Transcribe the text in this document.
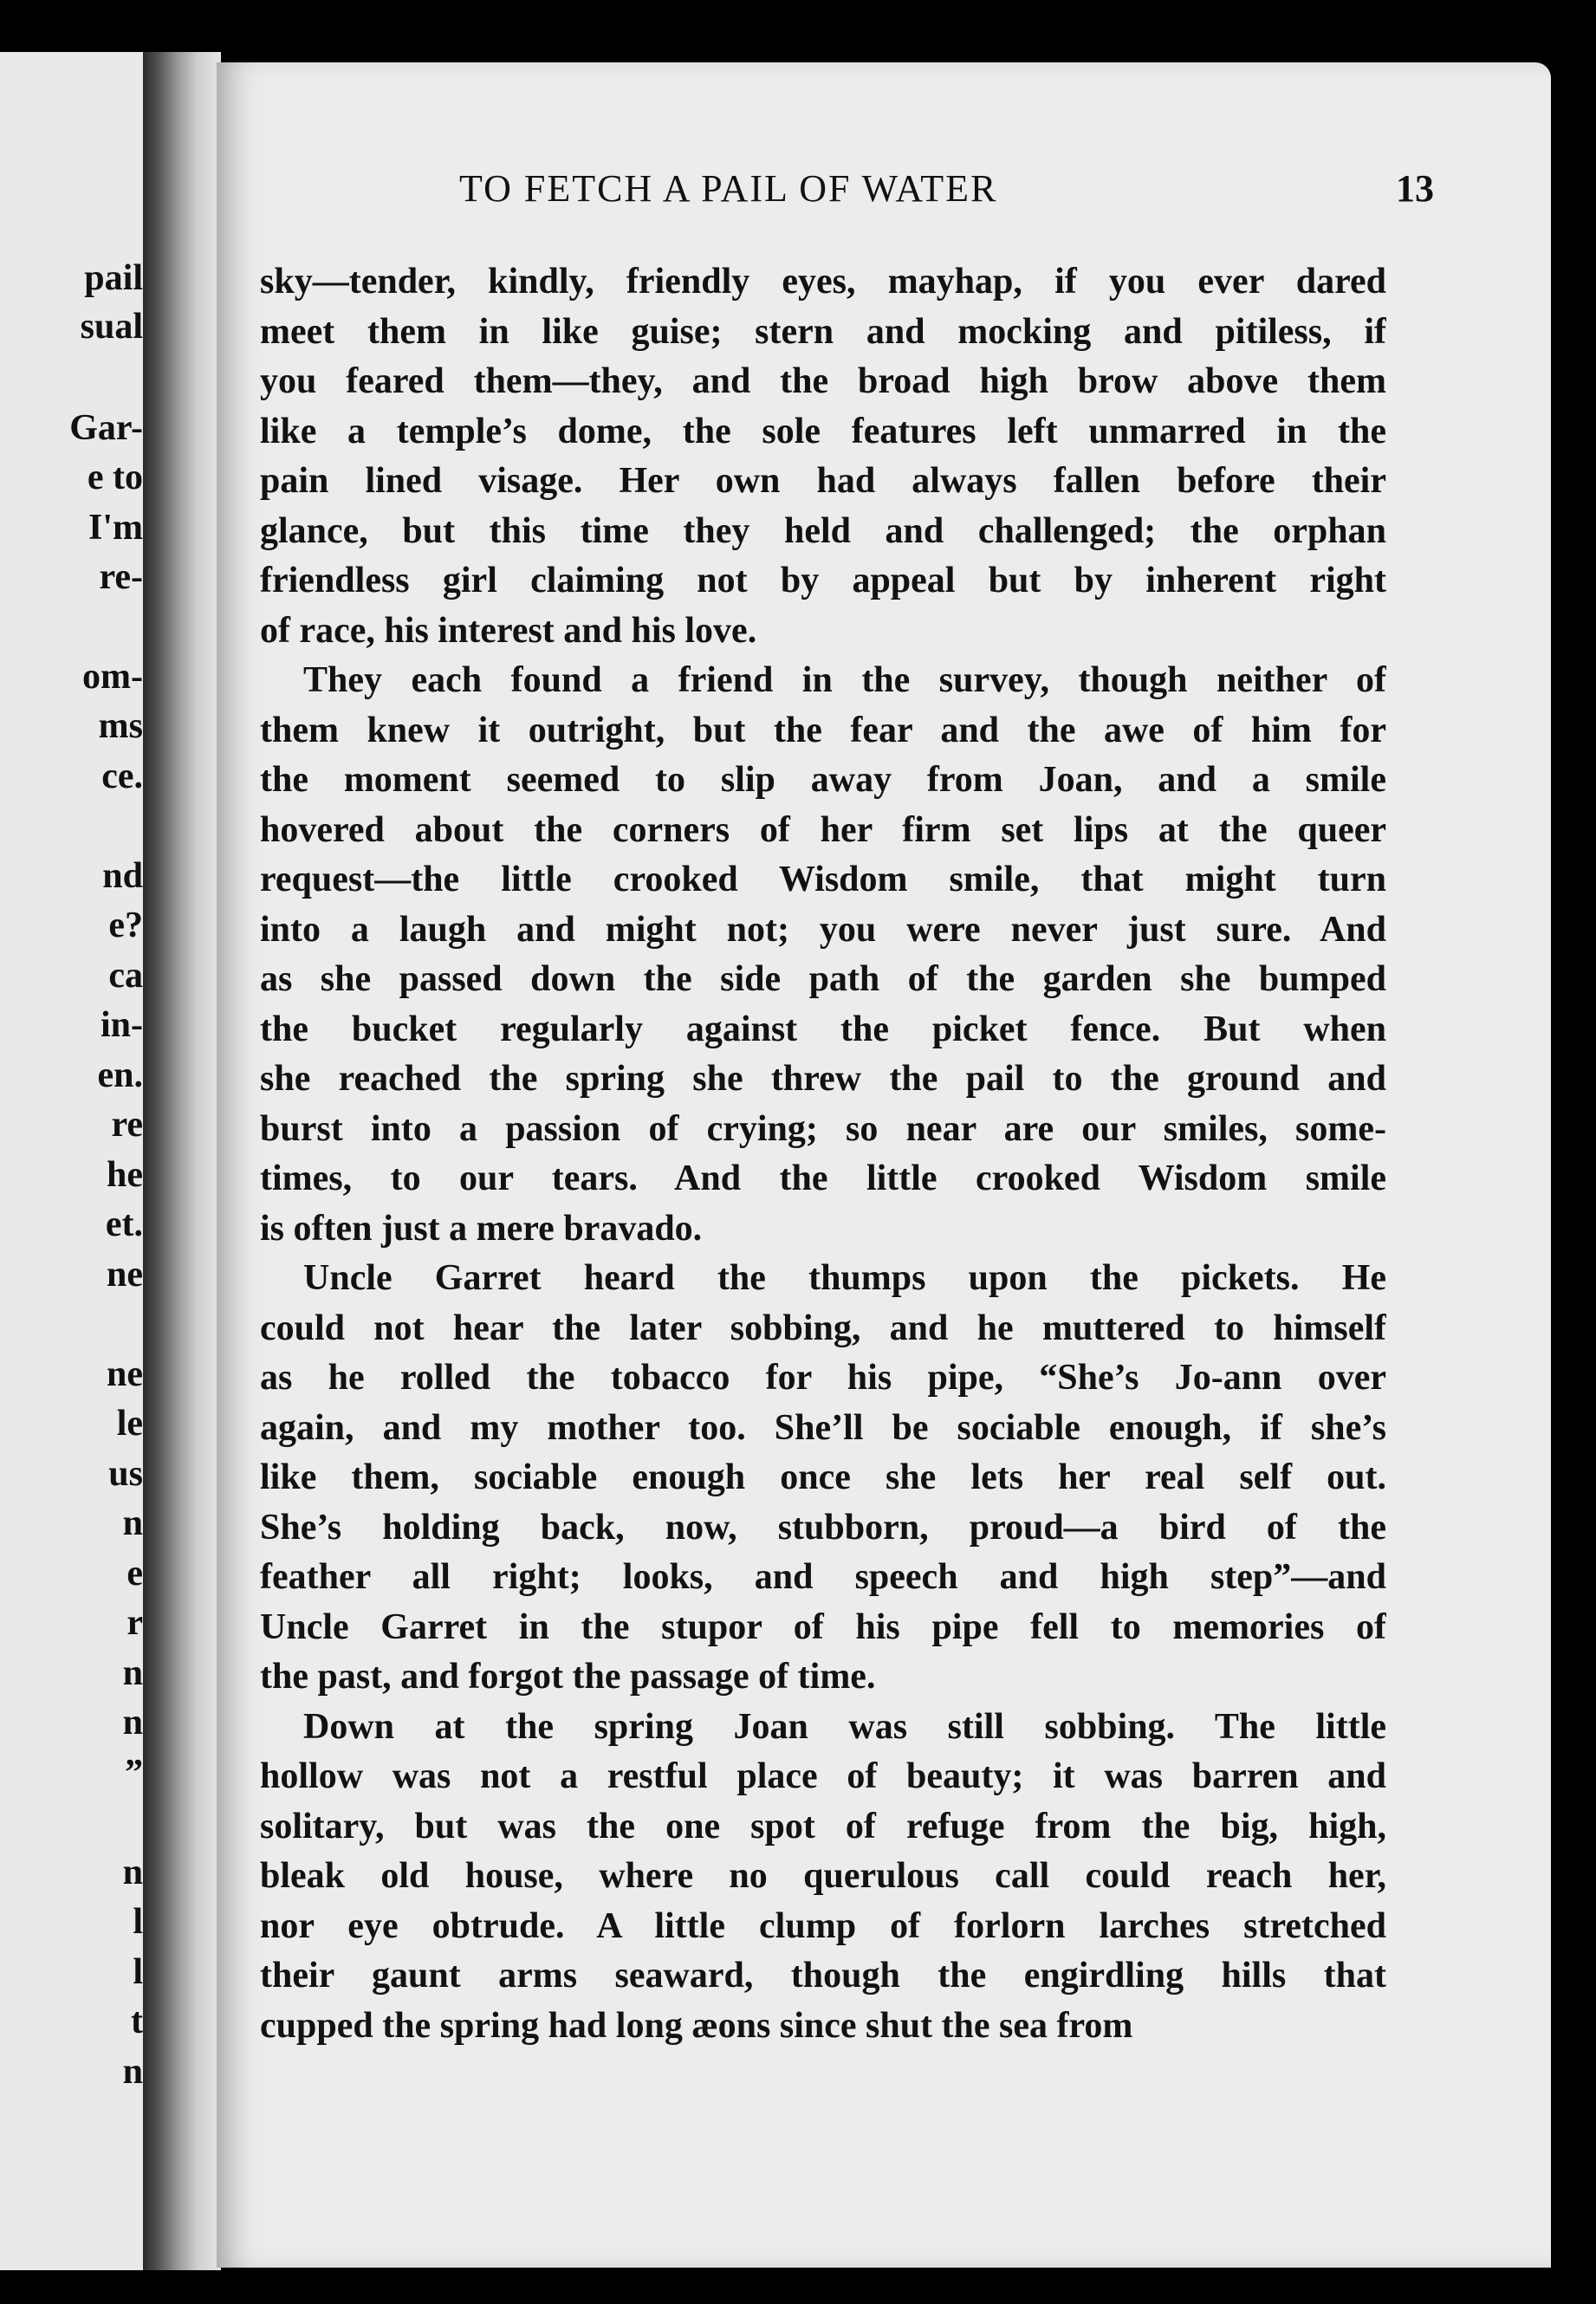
pail
sual
Gar-
e to
I'm
re-
om-
ms
ce.
nd
e?
ca
in-
en.
re
he
et.
ne
ne
le
us
n
e
r
n
n
”
n
l
l
t
n
TO FETCH A PAIL OF WATER	13
sky—tender, kindly, friendly eyes, mayhap, if you ever dared
meet them in like guise; stern and mocking and pitiless, if
you feared them—they, and the broad high brow above them
like a temple’s dome, the sole features left unmarred in the
pain lined visage. Her own had always fallen before their
glance, but this time they held and challenged; the orphan
friendless girl claiming not by appeal but by inherent right
of race, his interest and his love.
They each found a friend in the survey, though neither of
them knew it outright, but the fear and the awe of him for
the moment seemed to slip away from Joan, and a smile
hovered about the corners of her firm set lips at the queer
request—the little crooked Wisdom smile, that might turn
into a laugh and might not; you were never just sure. And
as she passed down the side path of the garden she bumped
the bucket regularly against the picket fence. But when
she reached the spring she threw the pail to the ground and
burst into a passion of crying; so near are our smiles, some-
times, to our tears. And the little crooked Wisdom smile
is often just a mere bravado.
Uncle Garret heard the thumps upon the pickets. He
could not hear the later sobbing, and he muttered to himself
as he rolled the tobacco for his pipe, “She’s Jo-ann over
again, and my mother too. She’ll be sociable enough, if she’s
like them, sociable enough once she lets her real self out.
She’s holding back, now, stubborn, proud—a bird of the
feather all right; looks, and speech and high step”—and
Uncle Garret in the stupor of his pipe fell to memories of
the past, and forgot the passage of time.
Down at the spring Joan was still sobbing. The little
hollow was not a restful place of beauty; it was barren and
solitary, but was the one spot of refuge from the big, high,
bleak old house, where no querulous call could reach her,
nor eye obtrude. A little clump of forlorn larches stretched
their gaunt arms seaward, though the engirdling hills that
cupped the spring had long æons since shut the sea from
